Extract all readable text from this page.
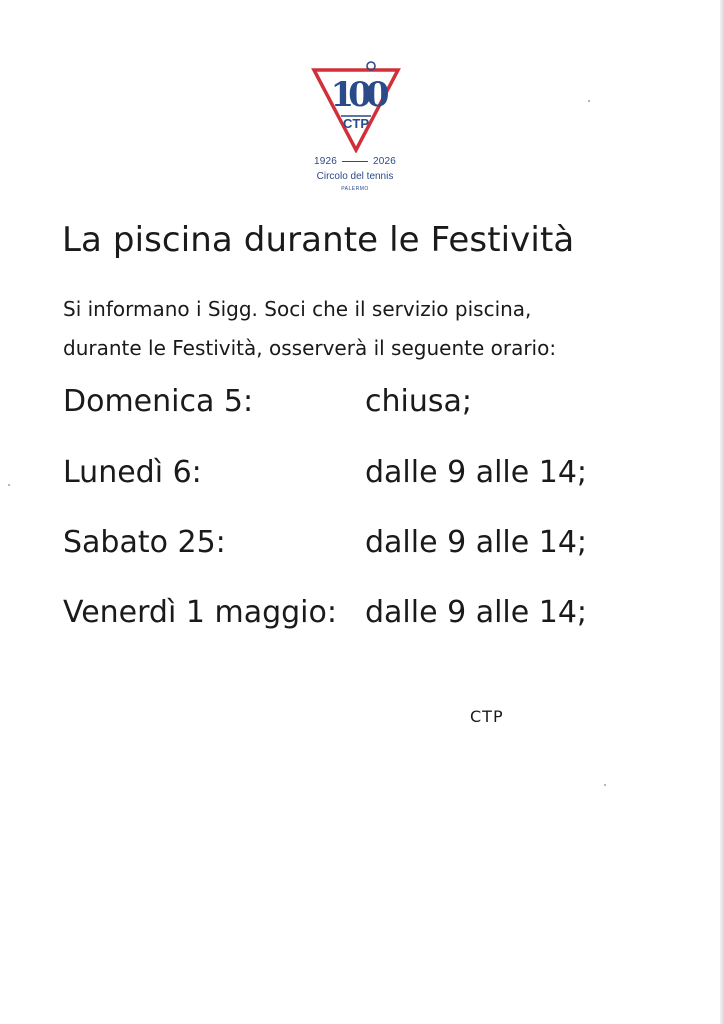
100
CTP
1926	2026
Circolo del tennis
PALERMO
La piscina durante le Festività
Si informano i Sigg. Soci che il servizio piscina,
durante le Festività, osserverà il seguente orario:
Domenica 5:	chiusa;
Lunedì 6:	dalle 9 alle 14;
Sabato 25:	dalle 9 alle 14;
Venerdì 1 maggio: dalle 9 alle 14;
CTP
